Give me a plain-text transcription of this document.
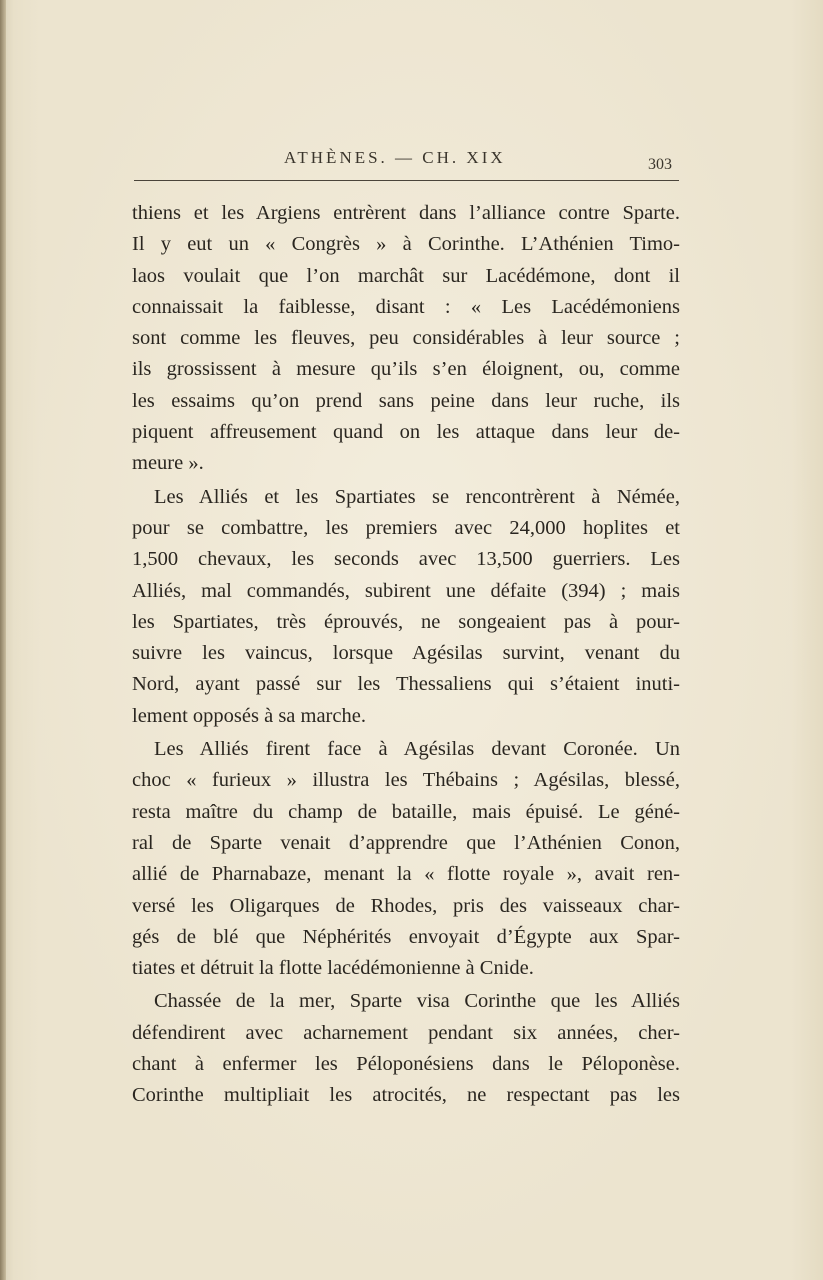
ATHÈNES. — CH. XIX	303
thiens et les Argiens entrèrent dans l’alliance contre Sparte.
Il y eut un « Congrès » à Corinthe. L’Athénien Timo-
laos voulait que l’on marchât sur Lacédémone, dont il
connaissait la faiblesse, disant : « Les Lacédémoniens
sont comme les fleuves, peu considérables à leur source ;
ils grossissent à mesure qu’ils s’en éloignent, ou, comme
les essaims qu’on prend sans peine dans leur ruche, ils
piquent affreusement quand on les attaque dans leur de-
meure ».
Les Alliés et les Spartiates se rencontrèrent à Némée,
pour se combattre, les premiers avec 24,000 hoplites et
1,500 chevaux, les seconds avec 13,500 guerriers. Les
Alliés, mal commandés, subirent une défaite (394) ; mais
les Spartiates, très éprouvés, ne songeaient pas à pour-
suivre les vaincus, lorsque Agésilas survint, venant du
Nord, ayant passé sur les Thessaliens qui s’étaient inuti-
lement opposés à sa marche.
Les Alliés firent face à Agésilas devant Coronée. Un
choc « furieux » illustra les Thébains ; Agésilas, blessé,
resta maître du champ de bataille, mais épuisé. Le géné-
ral de Sparte venait d’apprendre que l’Athénien Conon,
allié de Pharnabaze, menant la « flotte royale », avait ren-
versé les Oligarques de Rhodes, pris des vaisseaux char-
gés de blé que Néphérités envoyait d’Égypte aux Spar-
tiates et détruit la flotte lacédémonienne à Cnide.
Chassée de la mer, Sparte visa Corinthe que les Alliés
défendirent avec acharnement pendant six années, cher-
chant à enfermer les Péloponésiens dans le Péloponèse.
Corinthe multipliait les atrocités, ne respectant pas les
